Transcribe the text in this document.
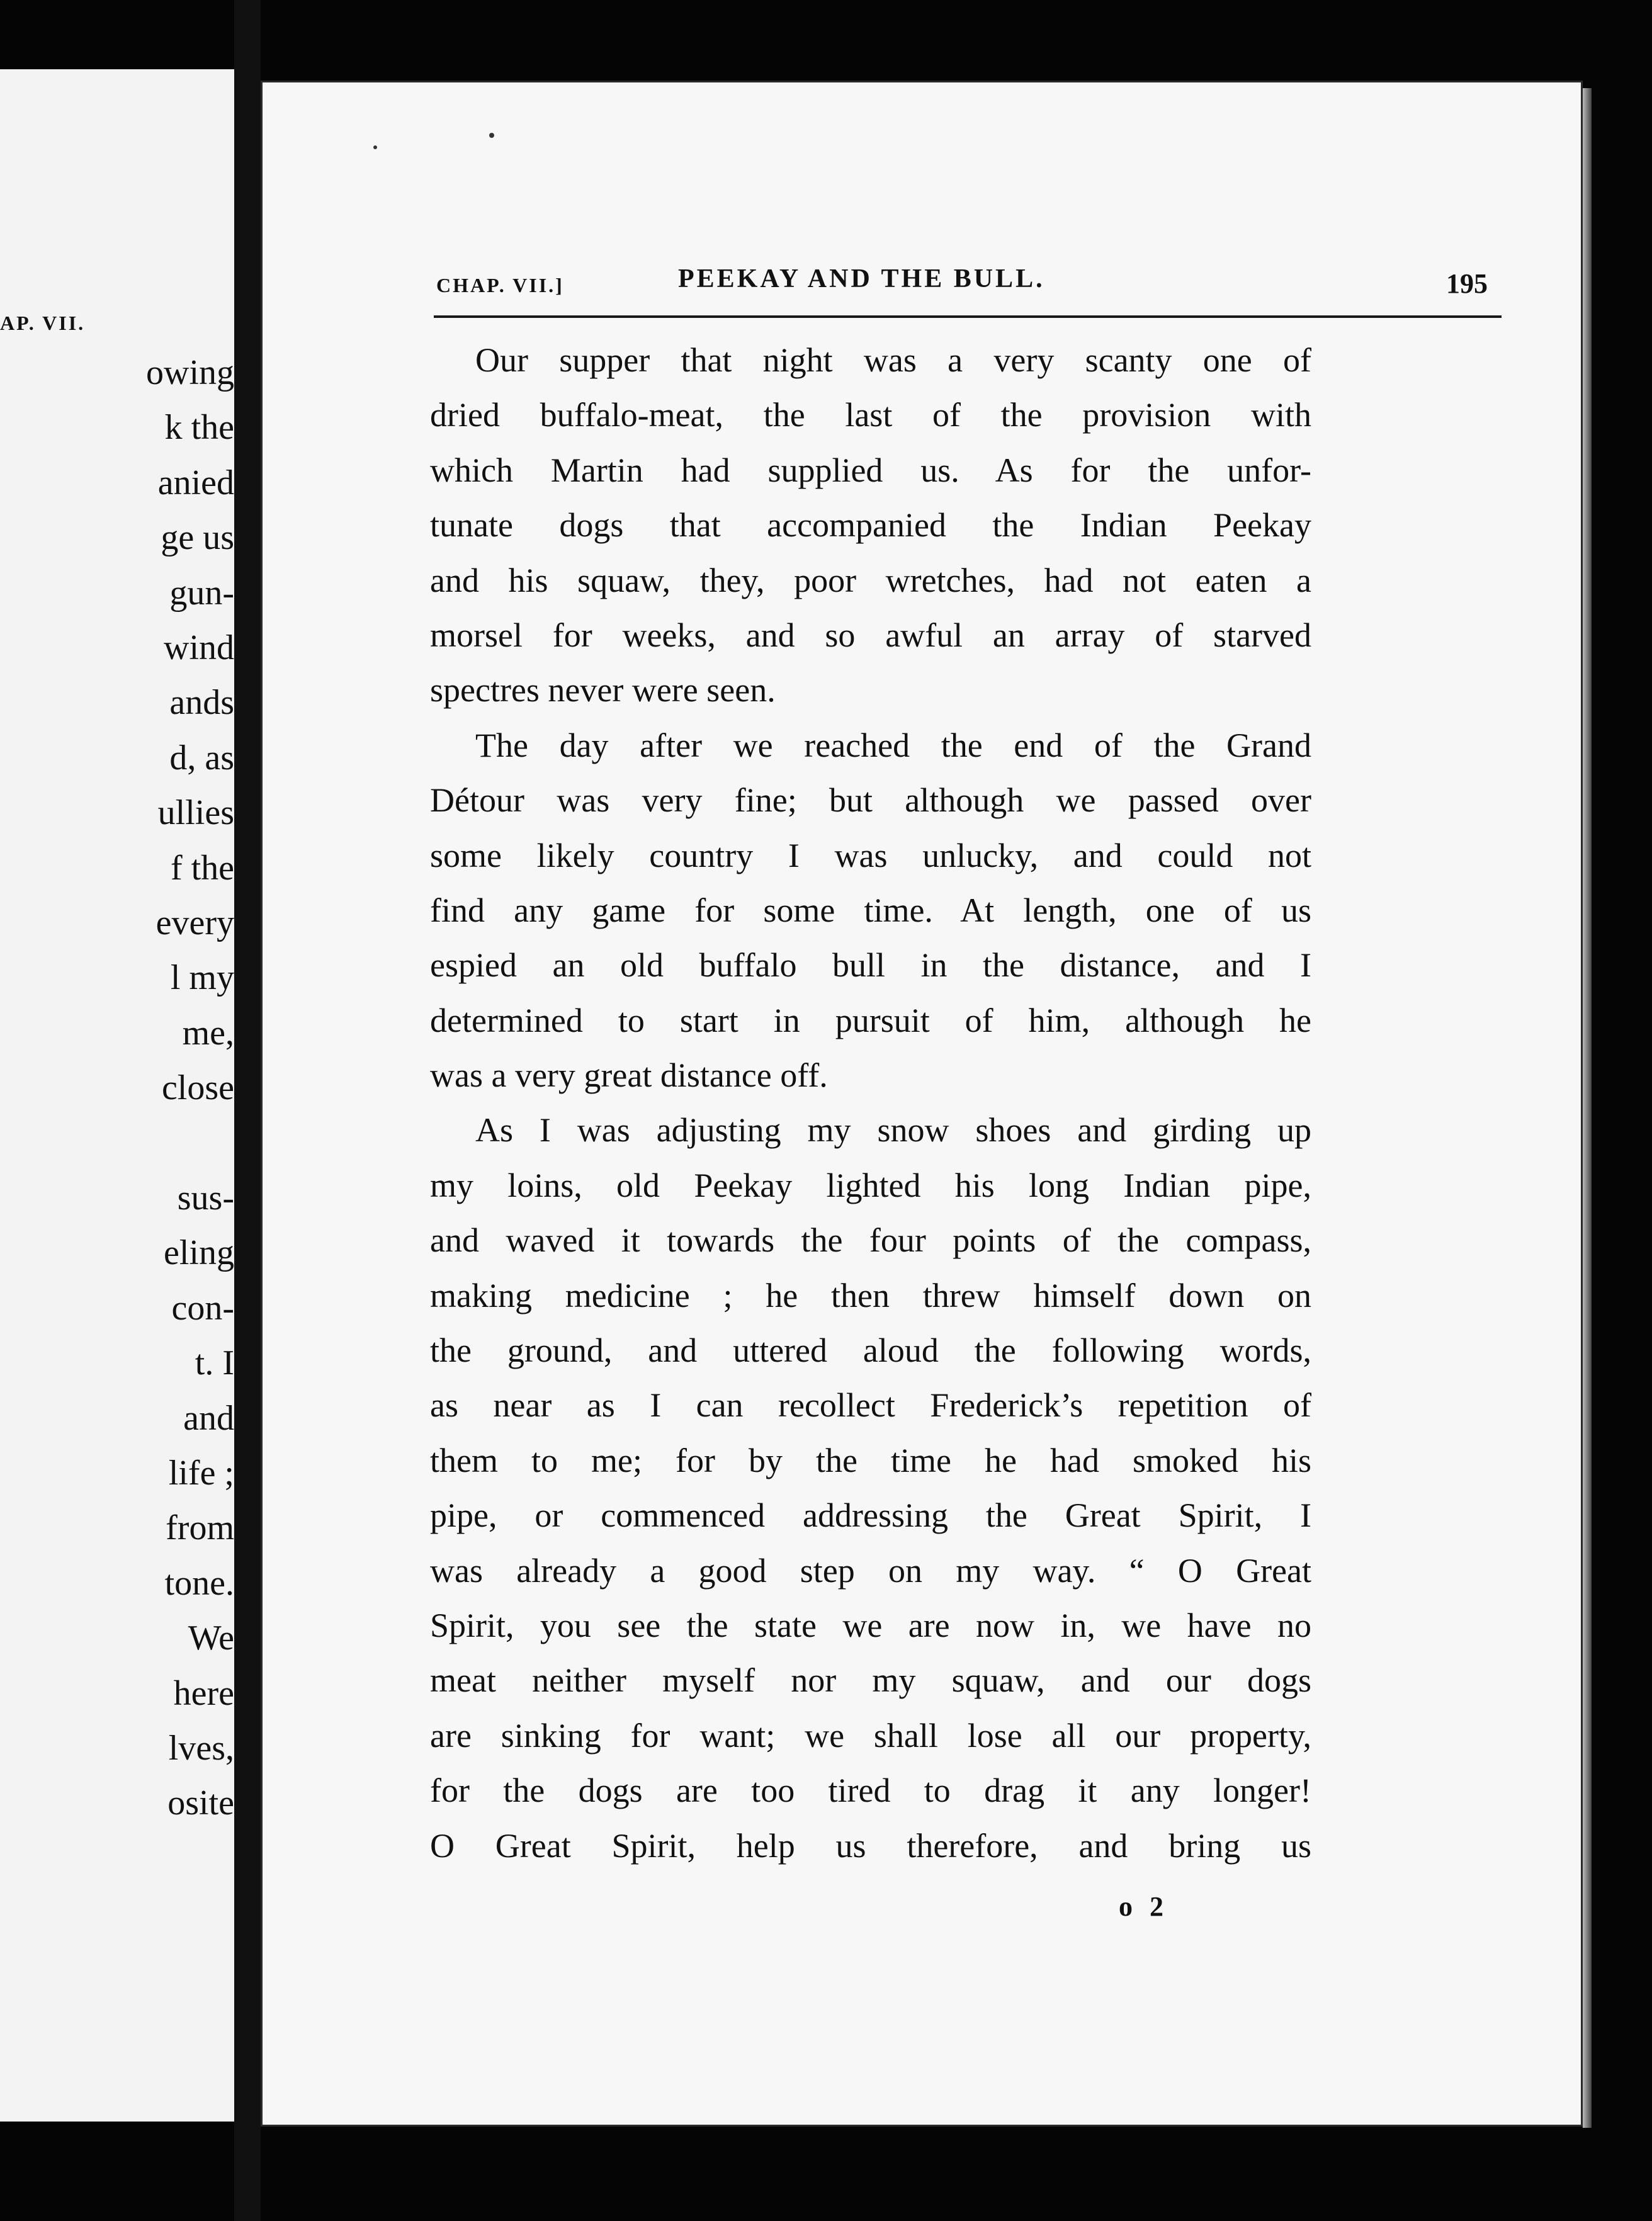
AP. VII.
owing
k the
anied
ge us
gun-
wind
ands
d, as
ullies
f the
every
l my
me,
close
sus-
eling
con-
t. I
and
life ;
from
tone.
We
here
lves,
osite
CHAP. VII.]	PEEKAY AND THE BULL.	195
Our supper that night was a very scanty one of
dried buffalo-meat, the last of the provision with
which Martin had supplied us. As for the unfor-
tunate dogs that accompanied the Indian Peekay
and his squaw, they, poor wretches, had not eaten a
morsel for weeks, and so awful an array of starved
spectres never were seen.
The day after we reached the end of the Grand
Détour was very fine; but although we passed over
some likely country I was unlucky, and could not
find any game for some time. At length, one of us
espied an old buffalo bull in the distance, and I
determined to start in pursuit of him, although he
was a very great distance off.
As I was adjusting my snow shoes and girding up
my loins, old Peekay lighted his long Indian pipe,
and waved it towards the four points of the compass,
making medicine ; he then threw himself down on
the ground, and uttered aloud the following words,
as near as I can recollect Frederick’s repetition of
them to me; for by the time he had smoked his
pipe, or commenced addressing the Great Spirit, I
was already a good step on my way. “ O Great
Spirit, you see the state we are now in, we have no
meat neither myself nor my squaw, and our dogs
are sinking for want; we shall lose all our property,
for the dogs are too tired to drag it any longer!
O Great Spirit, help us therefore, and bring us
o 2
